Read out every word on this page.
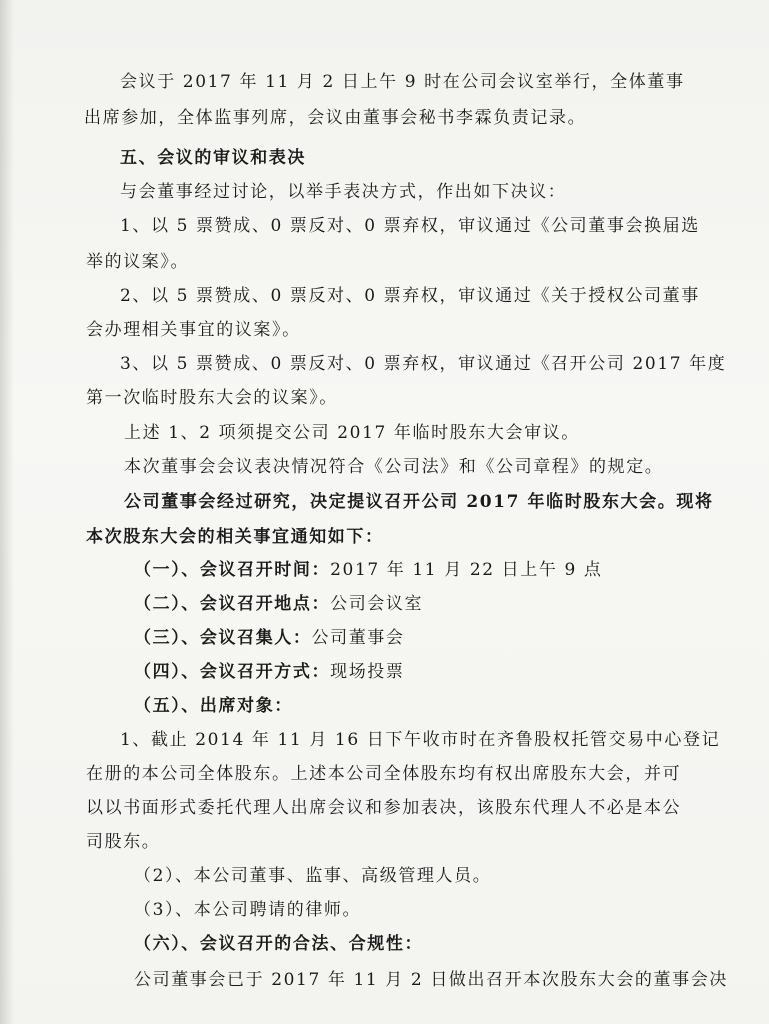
会议于 2017 年 11 月 2 日上午 9 时在公司会议室举行，全体董事
出席参加，全体监事列席，会议由董事会秘书李霖负责记录。
五、会议的审议和表决
与会董事经过讨论，以举手表决方式，作出如下决议：
1、以 5 票赞成、0 票反对、0 票弃权，审议通过《公司董事会换届选
举的议案》。
2、以 5 票赞成、0 票反对、0 票弃权，审议通过《关于授权公司董事
会办理相关事宜的议案》。
3、以 5 票赞成、0 票反对、0 票弃权，审议通过《召开公司 2017 年度
第一次临时股东大会的议案》。
上述 1、2 项须提交公司 2017 年临时股东大会审议。
本次董事会会议表决情况符合《公司法》和《公司章程》的规定。
公司董事会经过研究，决定提议召开公司 2017 年临时股东大会。现将
本次股东大会的相关事宜通知如下：
（一）、会议召开时间：2017 年 11 月 22 日上午 9 点
（二）、会议召开地点：公司会议室
（三）、会议召集人：公司董事会
（四）、会议召开方式：现场投票
（五）、出席对象：
1、截止 2014 年 11 月 16 日下午收市时在齐鲁股权托管交易中心登记
在册的本公司全体股东。上述本公司全体股东均有权出席股东大会，并可
以以书面形式委托代理人出席会议和参加表决，该股东代理人不必是本公
司股东。
（2）、本公司董事、监事、高级管理人员。
（3）、本公司聘请的律师。
（六）、会议召开的合法、合规性：
公司董事会已于 2017 年 11 月 2 日做出召开本次股东大会的董事会决
